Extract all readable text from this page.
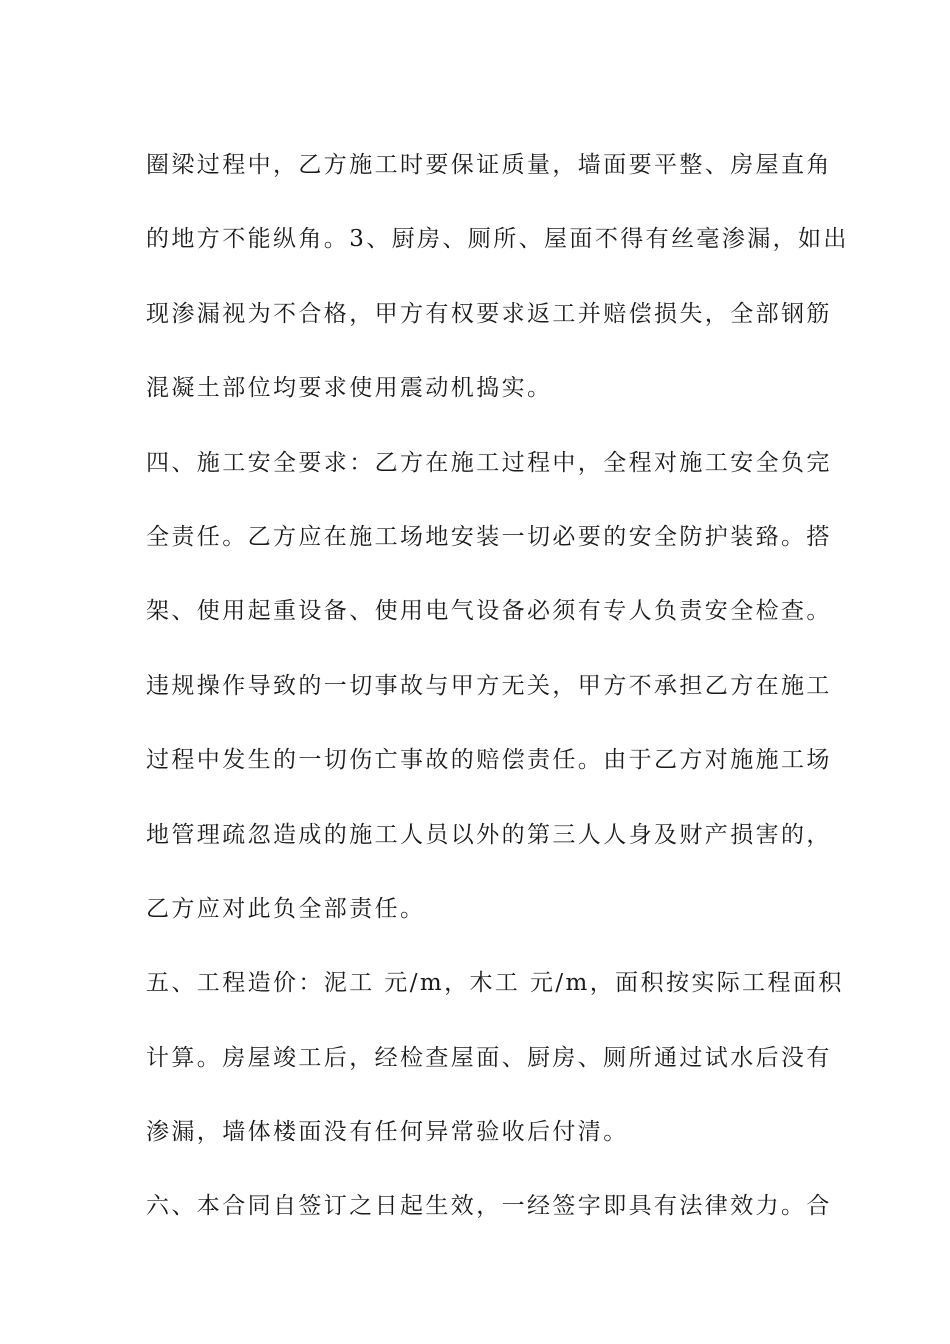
圈梁过程中，乙方施工时要保证质量，墙面要平整、房屋直角
的地方不能纵角。3、厨房、厕所、屋面不得有丝毫渗漏，如出
现渗漏视为不合格，甲方有权要求返工并赔偿损失，全部钢筋
混凝土部位均要求使用震动机捣实。
四、施工安全要求：乙方在施工过程中，全程对施工安全负完
全责任。乙方应在施工场地安装一切必要的安全防护装臵。搭
架、使用起重设备、使用电气设备必须有专人负责安全检查。
违规操作导致的一切事故与甲方无关，甲方不承担乙方在施工
过程中发生的一切伤亡事故的赔偿责任。由于乙方对施施工场
地管理疏忽造成的施工人员以外的第三人人身及财产损害的，
乙方应对此负全部责任。
五、工程造价：泥工 元/m，木工 元/m，面积按实际工程面积
计算。房屋竣工后，经检查屋面、厨房、厕所通过试水后没有
渗漏，墙体楼面没有任何异常验收后付清。
六、本合同自签订之日起生效，一经签字即具有法律效力。合
